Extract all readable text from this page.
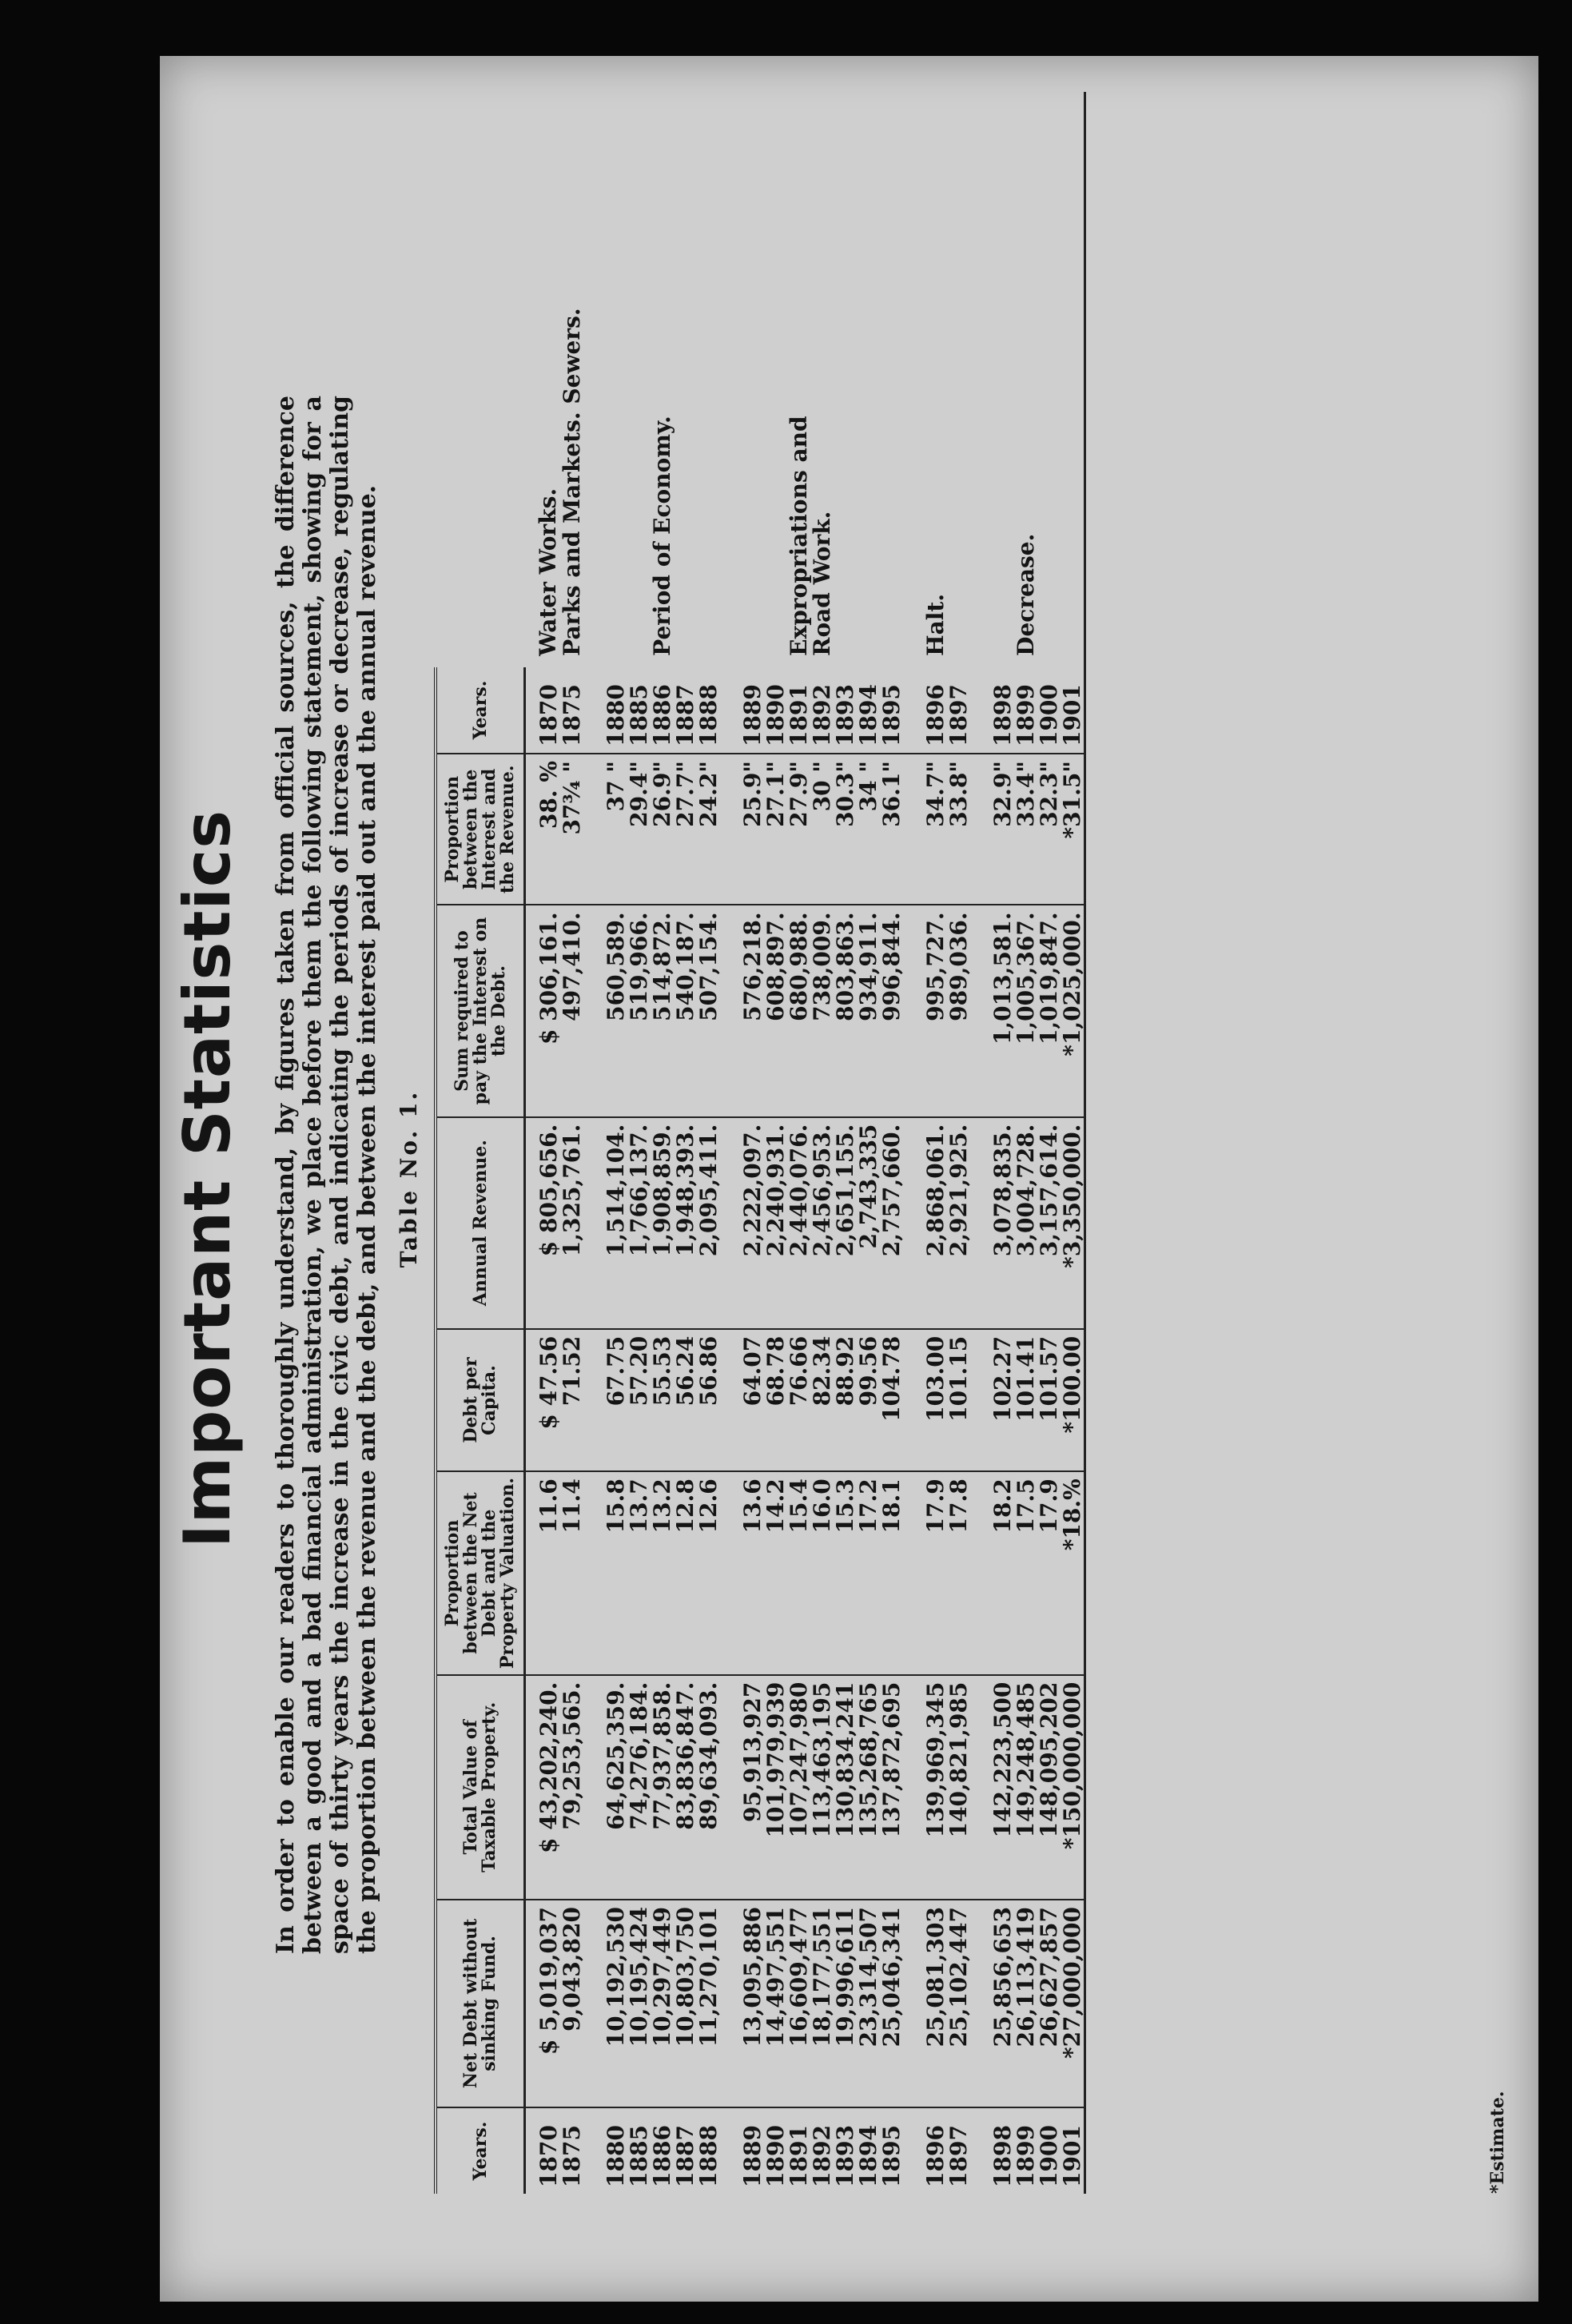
Important Statistics In order to enable our readers to thoroughly understand, by figures taken from official sources, the difference between a good and a bad financial administration, we place before them the following statement, showing for a space of thirty years the increase in the civic debt, and indicating the periods of increase or decrease, regulating the proportion between the revenue and the debt, and between the interest paid out and the annual revenue. Table No. 1.
Years.	Net Debt without sinking Fund.	Total Value of Taxable Property.	Proportion between the Net Debt and the Property Valuation.	Debt per Capita.	Annual Revenue.	Sum required to pay the Interest on the Debt.	Proportion between the Interest and the Revenue.	Years.	
1870	$ 5,019,037	$ 43,202,240.	11.6	$ 47.56	$ 805,656.	$ 306,161.	38. %	1870	Water Works.
1875	9,043,820	79,253,565.	11.4	71.52	1,325,761.	497,410.	37¾ "	1875	Parks and Markets. Sewers.

1880	10,192,530	64,625,359.	15.8	67.75	1,514,104.	560,589.	37 "	1880	
1885	10,195,424	74,276,184.	13.7	57.20	1,766,137.	519,966.	29.4"	1885	
1886	10,297,449	77,937,858.	13.2	55.53	1,908,859.	514,872.	26.9"	1886	Period of Economy.
1887	10,803,750	83,836,847.	12.8	56.24	1,948,393.	540,187.	27.7"	1887	
1888	11,270,101	89,634,093.	12.6	56.86	2,095,411.	507,154.	24.2"	1888	

1889	13,095,886	95,913,927	13.6	64.07	2,222,097.	576,218.	25.9"	1889	
1890	14,497,551	101,979,939	14.2	68.78	2,240,931.	608,897.	27.1"	1890	
1891	16,609,477	107,247,980	15.4	76.66	2,440,076.	680,988.	27.9"	1891	Expropriations and
1892	18,177,551	113,463,195	16.0	82.34	2,456,953.	738,009.	30 "	1892	Road Work.
1893	19,996,611	130,834,241	15.3	88.92	2,651,155.	803,863.	30.3"	1893	
1894	23,314,507	135,268,765	17.2	99.56	2,743,335	934,911.	34 "	1894	
1895	25,046,341	137,872,695	18.1	104.78	2,757,660.	996,844.	36.1"	1895	

1896	25,081,303	139,969,345	17.9	103.00	2,868,061.	995,727.	34.7"	1896	Halt.
1897	25,102,447	140,821,985	17.8	101.15	2,921,925.	989,036.	33.8"	1897	

1898	25,856,653	142,223,500	18.2	102.27	3,078,835.	1,013,581.	32.9"	1898	
1899	26,113,419	149,248,485	17.5	101.41	3,004,728.	1,005,367.	33.4"	1899	Decrease.
1900	26,627,857	148,095,202	17.9	101.57	3,157,614.	1,019,847.	32.3"	1900	
1901	*27,000,000	*150,000,000	*18.%	*100.00	*3,350,000.	*1,025,000.	*31.5"	1901	
*Estimate.
